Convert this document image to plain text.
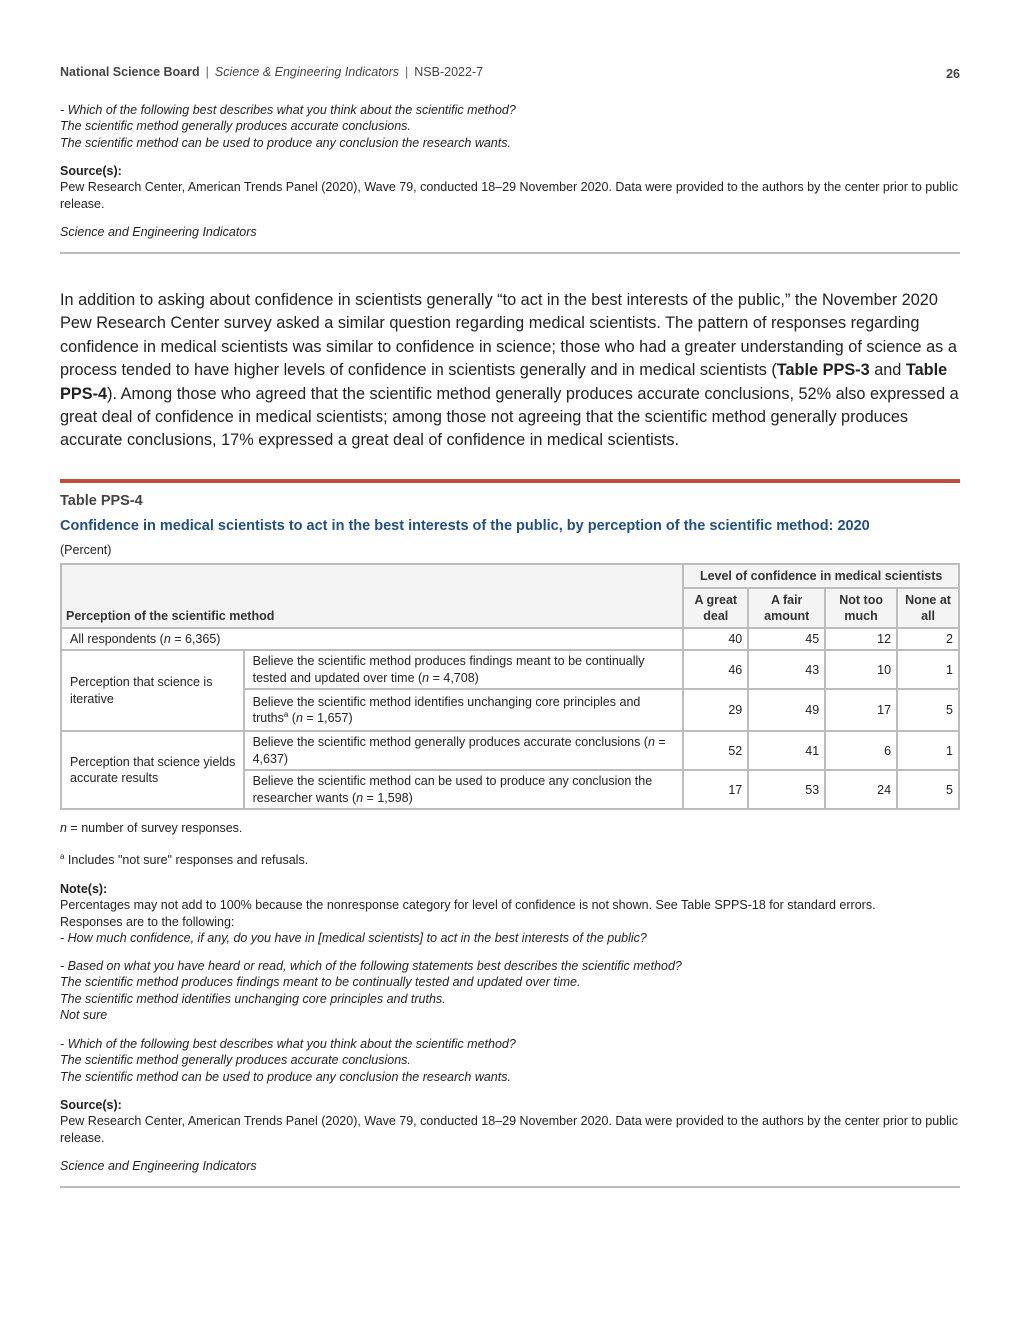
National Science Board | Science & Engineering Indicators | NSB-2022-7	26
- Which of the following best describes what you think about the scientific method?
The scientific method generally produces accurate conclusions.
The scientific method can be used to produce any conclusion the research wants.
Source(s):
Pew Research Center, American Trends Panel (2020), Wave 79, conducted 18–29 November 2020. Data were provided to the authors by the center prior to public release.
Science and Engineering Indicators
In addition to asking about confidence in scientists generally “to act in the best interests of the public,” the November 2020 Pew Research Center survey asked a similar question regarding medical scientists. The pattern of responses regarding confidence in medical scientists was similar to confidence in science; those who had a greater understanding of science as a process tended to have higher levels of confidence in scientists generally and in medical scientists (Table PPS-3 and Table PPS-4). Among those who agreed that the scientific method generally produces accurate conclusions, 52% also expressed a great deal of confidence in medical scientists; among those not agreeing that the scientific method generally produces accurate conclusions, 17% expressed a great deal of confidence in medical scientists.
Table PPS-4
Confidence in medical scientists to act in the best interests of the public, by perception of the scientific method: 2020
(Percent)
Perception of the scientific method		Level of confidence in medical scientists			
		A great deal	A fair amount	Not too much	None at all
All respondents (n = 6,365)		40	45	12	2
Perception that science is iterative	Believe the scientific method produces findings meant to be continually tested and updated over time (n = 4,708)	46	43	10	1
	Believe the scientific method identifies unchanging core principles and truths$^a$ (n = 1,657)	29	49	17	5
Perception that science yields accurate results	Believe the scientific method generally produces accurate conclusions (n = 4,637)	52	41	6	1
	Believe the scientific method can be used to produce any conclusion the researcher wants (n = 1,598)	17	53	24	5
n = number of survey responses.
$^a$ Includes "not sure" responses and refusals.
Note(s):
Percentages may not add to 100% because the nonresponse category for level of confidence is not shown. See Table SPPS-18 for standard errors.
Responses are to the following:
- How much confidence, if any, do you have in [medical scientists] to act in the best interests of the public?
- Based on what you have heard or read, which of the following statements best describes the scientific method?
The scientific method produces findings meant to be continually tested and updated over time.
The scientific method identifies unchanging core principles and truths.
Not sure
- Which of the following best describes what you think about the scientific method?
The scientific method generally produces accurate conclusions.
The scientific method can be used to produce any conclusion the research wants.
Source(s):
Pew Research Center, American Trends Panel (2020), Wave 79, conducted 18–29 November 2020. Data were provided to the authors by the center prior to public release.
Science and Engineering Indicators
